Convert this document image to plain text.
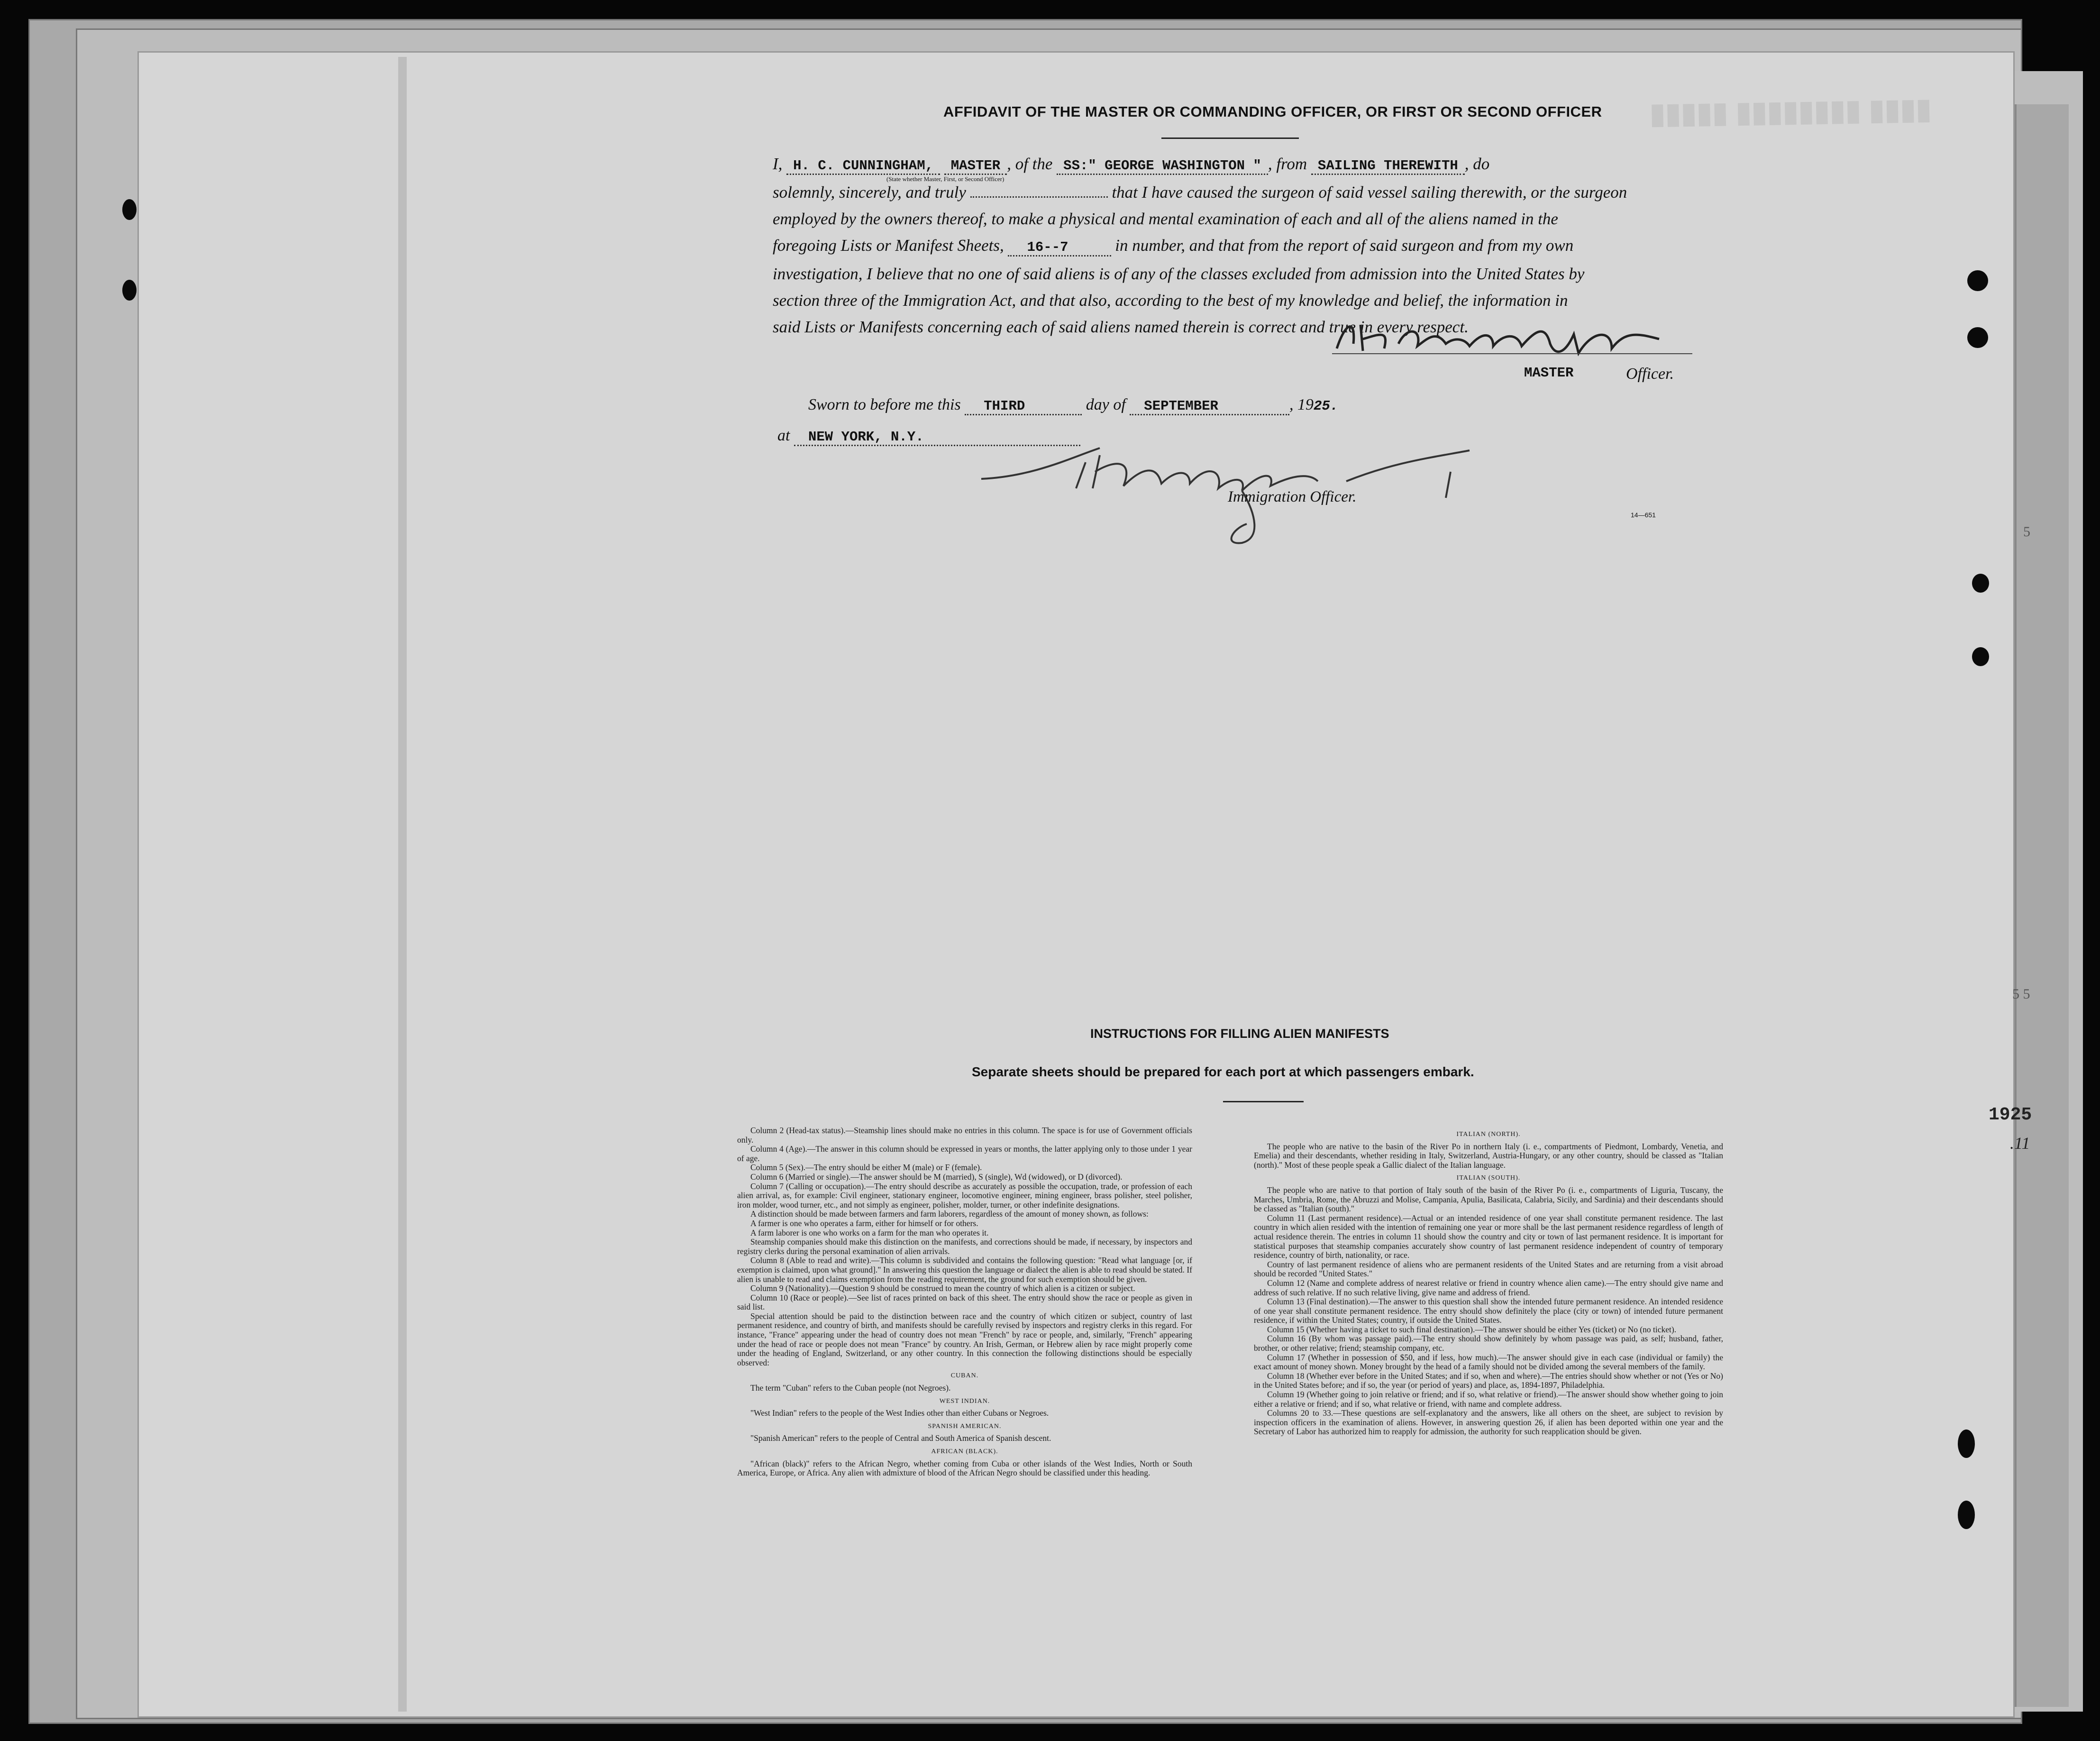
▮▮▮▮▮ ▮▮▮▮▮▮▮▮ ▮▮▮▮
AFFIDAVIT OF THE MASTER OR COMMANDING OFFICER, OR FIRST OR SECOND OFFICER
I, H. C. CUNNINGHAM, MASTER , of the SS:" GEORGE WASHINGTON " , from SAILING THEREWITH , do
solemnly, sincerely, and truly	that I have caused the surgeon of said vessel sailing therewith, or the surgeon
employed by the owners thereof, to make a physical and mental examination of each and all of the aliens named in the
foregoing Lists or Manifest Sheets, 16--7	in number, and that from the report of said surgeon and from my own
investigation, I believe that no one of said aliens is of any of the classes excluded from admission into the United States by
section three of the Immigration Act, and that also, according to the best of my knowledge and belief, the information in
said Lists or Manifests concerning each of said aliens named therein is correct and true in every respect.
(State whether Master, First, or Second Officer)
MASTER	Officer.
Sworn to before me this THIRD	day of SEPTEMBER	, 1925.
at NEW YORK, N.Y.
Immigration Officer.
14—651
5
5 5
1925
.11
INSTRUCTIONS FOR FILLING ALIEN MANIFESTS
Separate sheets should be prepared for each port at which passengers embark.

Column 2 (Head-tax status).—Steamship lines should make no entries in this column. The space is for use of Government officials only.

Column 4 (Age).—The answer in this column should be expressed in years or months, the latter applying only to those under 1 year of age.

Column 5 (Sex).—The entry should be either M (male) or F (female).

Column 6 (Married or single).—The answer should be M (married), S (single), Wd (widowed), or D (divorced).

Column 7 (Calling or occupation).—The entry should describe as accurately as possible the occupation, trade, or profession of each alien arrival, as, for example: Civil engineer, stationary engineer, locomotive engineer, mining engineer, brass polisher, steel polisher, iron molder, wood turner, etc., and not simply as engineer, polisher, molder, turner, or other indefinite designations.

A distinction should be made between farmers and farm laborers, regardless of the amount of money shown, as follows:

A farmer is one who operates a farm, either for himself or for others.

A farm laborer is one who works on a farm for the man who operates it.

Steamship companies should make this distinction on the manifests, and corrections should be made, if necessary, by inspectors and registry clerks during the personal examination of alien arrivals.

Column 8 (Able to read and write).—This column is subdivided and contains the following question: "Read what language [or, if exemption is claimed, upon what ground]." In answering this question the language or dialect the alien is able to read should be stated. If alien is unable to read and claims exemption from the reading requirement, the ground for such exemption should be given.

Column 9 (Nationality).—Question 9 should be construed to mean the country of which alien is a citizen or subject.

Column 10 (Race or people).—See list of races printed on back of this sheet. The entry should show the race or people as given in said list.

Special attention should be paid to the distinction between race and the country of which citizen or subject, country of last permanent residence, and country of birth, and manifests should be carefully revised by inspectors and registry clerks in this regard. For instance, "France" appearing under the head of country does not mean "French" by race or people, and, similarly, "French" appearing under the head of race or people does not mean "France" by country. An Irish, German, or Hebrew alien by race might properly come under the heading of England, Switzerland, or any other country. In this connection the following distinctions should be especially observed:

CUBAN.

The term "Cuban" refers to the Cuban people (not Negroes).

WEST INDIAN.

"West Indian" refers to the people of the West Indies other than either Cubans or Negroes.

SPANISH AMERICAN.

"Spanish American" refers to the people of Central and South America of Spanish descent.

AFRICAN (BLACK).

"African (black)" refers to the African Negro, whether coming from Cuba or other islands of the West Indies, North or South America, Europe, or Africa. Any alien with admixture of blood of the African Negro should be classified under this heading.

ITALIAN (NORTH).

The people who are native to the basin of the River Po in northern Italy (i. e., compartments of Piedmont, Lombardy, Venetia, and Emelia) and their descendants, whether residing in Italy, Switzerland, Austria-Hungary, or any other country, should be classed as "Italian (north)." Most of these people speak a Gallic dialect of the Italian language.

ITALIAN (SOUTH).

The people who are native to that portion of Italy south of the basin of the River Po (i. e., compartments of Liguria, Tuscany, the Marches, Umbria, Rome, the Abruzzi and Molise, Campania, Apulia, Basilicata, Calabria, Sicily, and Sardinia) and their descendants should be classed as "Italian (south)."

Column 11 (Last permanent residence).—Actual or an intended residence of one year shall constitute permanent residence. The last country in which alien resided with the intention of remaining one year or more shall be the last permanent residence regardless of length of actual residence therein. The entries in column 11 should show the country and city or town of last permanent residence. It is important for statistical purposes that steamship companies accurately show country of last permanent residence independent of country of temporary residence, country of birth, nationality, or race.

Country of last permanent residence of aliens who are permanent residents of the United States and are returning from a visit abroad should be recorded "United States."

Column 12 (Name and complete address of nearest relative or friend in country whence alien came).—The entry should give name and address of such relative. If no such relative living, give name and address of friend.

Column 13 (Final destination).—The answer to this question shall show the intended future permanent residence. An intended residence of one year shall constitute permanent residence. The entry should show definitely the place (city or town) of intended future permanent residence, if within the United States; country, if outside the United States.

Column 15 (Whether having a ticket to such final destination).—The answer should be either Yes (ticket) or No (no ticket).

Column 16 (By whom was passage paid).—The entry should show definitely by whom passage was paid, as self; husband, father, brother, or other relative; friend; steamship company, etc.

Column 17 (Whether in possession of $50, and if less, how much).—The answer should give in each case (individual or family) the exact amount of money shown. Money brought by the head of a family should not be divided among the several members of the family.

Column 18 (Whether ever before in the United States; and if so, when and where).—The entries should show whether or not (Yes or No) in the United States before; and if so, the year (or period of years) and place, as, 1894-1897, Philadelphia.

Column 19 (Whether going to join relative or friend; and if so, what relative or friend).—The answer should show whether going to join either a relative or friend; and if so, what relative or friend, with name and complete address.

Columns 20 to 33.—These questions are self-explanatory and the answers, like all others on the sheet, are subject to revision by inspection officers in the examination of aliens. However, in answering question 26, if alien has been deported within one year and the Secretary of Labor has authorized him to reapply for admission, the authority for such reapplication should be given.
